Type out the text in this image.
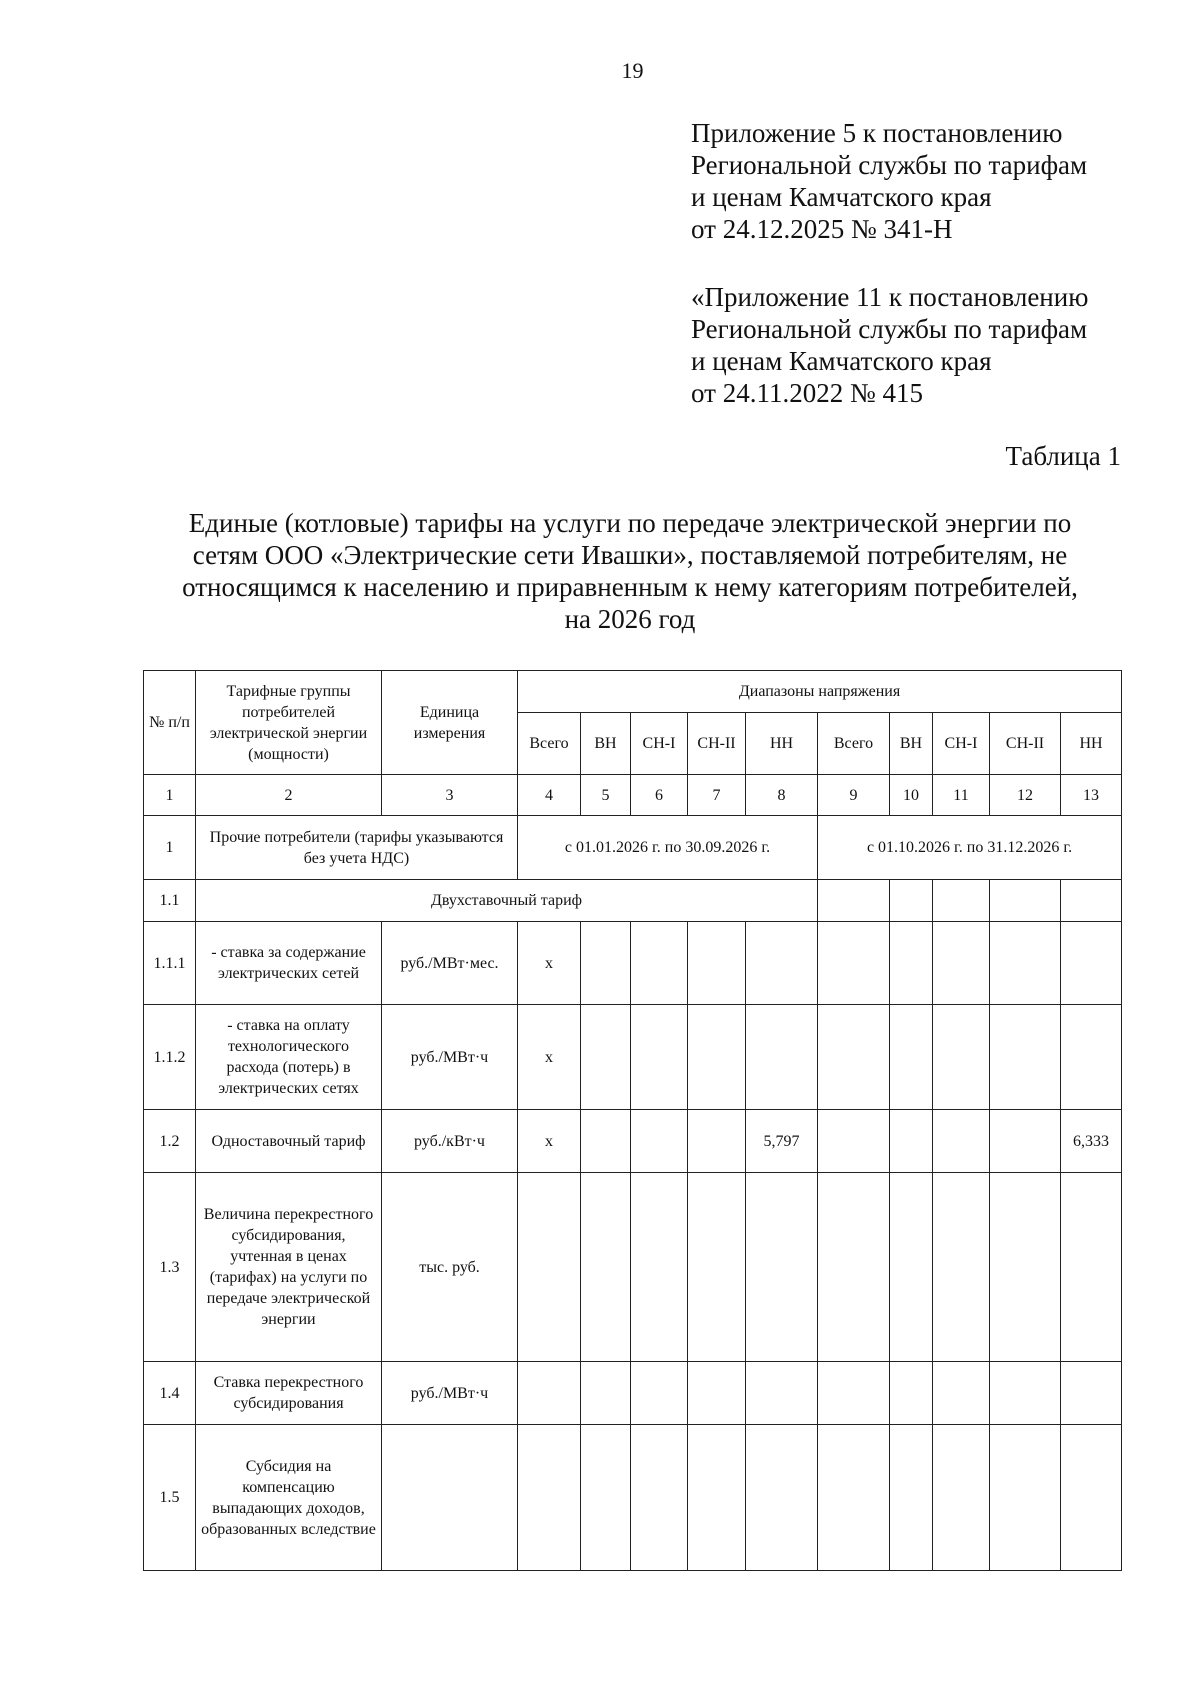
19
Приложение 5 к постановлению
Региональной службы по тарифам
и ценам Камчатского края
от 24.12.2025 № 341-Н
«Приложение 11 к постановлению
Региональной службы по тарифам
и ценам Камчатского края
от 24.11.2022 № 415
Таблица 1
Единые (котловые) тарифы на услуги по передаче электрической энергии по
сетям ООО «Электрические сети Ивашки», поставляемой потребителям, не
относящимся к населению и приравненным к нему категориям потребителей,
на 2026 год
№ п/п	Тарифные группы потребителей электрической энергии (мощности)	Единица измерения	Диапазоны напряжения									
			Всего	ВН	СН-I	СН-II	НН	Всего	ВН	СН-I	СН-II	НН
1	2	3	4	5	6	7	8	9	10	11	12	13
1	Прочие потребители (тарифы указываются без учета НДС)		с 01.01.2026 г. по 30.09.2026 г.					с 01.10.2026 г. по 31.12.2026 г.				
1.1	Двухставочный тариф											
1.1.1	- ставка за содержание электрических сетей	руб./МВт·мес.	x									
1.1.2	- ставка на оплату технологического расхода (потерь) в электрических сетях	руб./МВт·ч	x									
1.2	Одноставочный тариф	руб./кВт·ч	x				5,797					6,333
1.3	Величина перекрестного субсидирования, учтенная в ценах (тарифах) на услуги по передаче электрической энергии	тыс. руб.										
1.4	Ставка перекрестного субсидирования	руб./МВт·ч										
1.5	Субсидия на компенсацию выпадающих доходов, образованных вследствие											
